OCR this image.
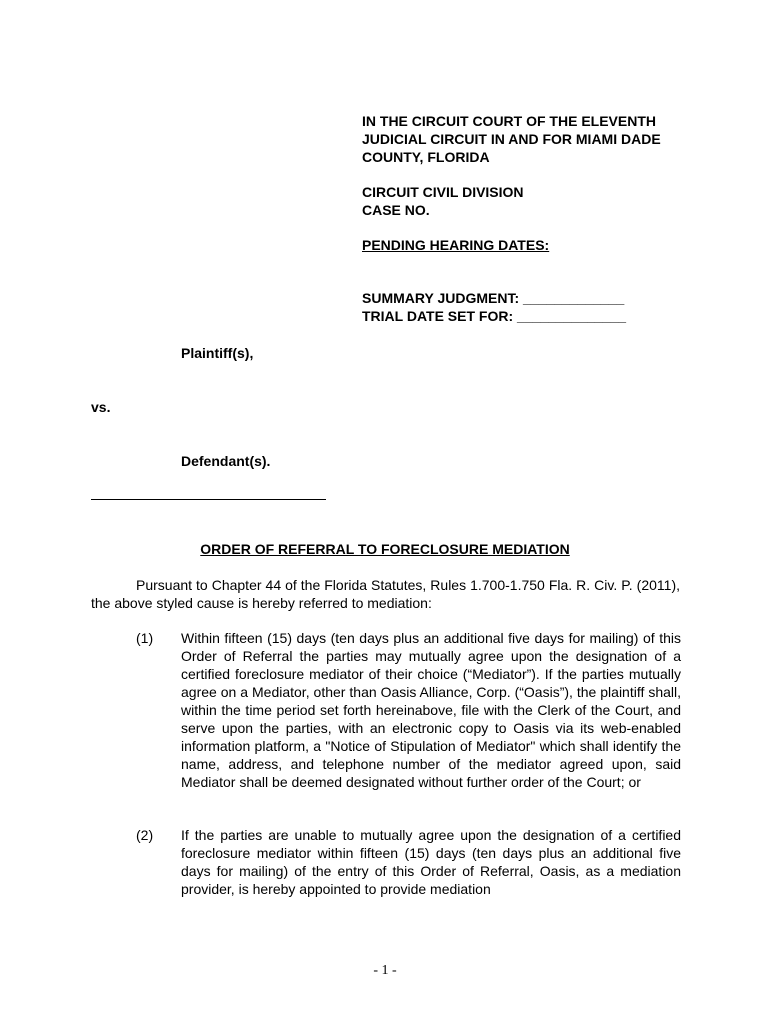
IN THE CIRCUIT COURT OF THE ELEVENTH
JUDICIAL CIRCUIT IN AND FOR MIAMI DADE
COUNTY, FLORIDA
CIRCUIT CIVIL DIVISION
CASE NO.
PENDING HEARING DATES:
SUMMARY JUDGMENT: _____________
TRIAL DATE SET FOR: ______________
Plaintiff(s),
vs.
Defendant(s).
ORDER OF REFERRAL TO FORECLOSURE MEDIATION
Pursuant to Chapter 44 of the Florida Statutes, Rules 1.700-1.750 Fla. R. Civ. P. (2011), the above styled cause is hereby referred to mediation:
(1) Within fifteen (15) days (ten days plus an additional five days for mailing) of this Order of Referral the parties may mutually agree upon the designation of a certified foreclosure mediator of their choice (“Mediator”). If the parties mutually agree on a Mediator, other than Oasis Alliance, Corp. (“Oasis”), the plaintiff shall, within the time period set forth hereinabove, file with the Clerk of the Court, and serve upon the parties, with an electronic copy to Oasis via its web-enabled information platform, a "Notice of Stipulation of Mediator" which shall identify the name, address, and telephone number of the mediator agreed upon, said Mediator shall be deemed designated without further order of the Court; or
(2) If the parties are unable to mutually agree upon the designation of a certified foreclosure mediator within fifteen (15) days (ten days plus an additional five days for mailing) of the entry of this Order of Referral, Oasis, as a mediation provider, is hereby appointed to provide mediation
- 1 -
